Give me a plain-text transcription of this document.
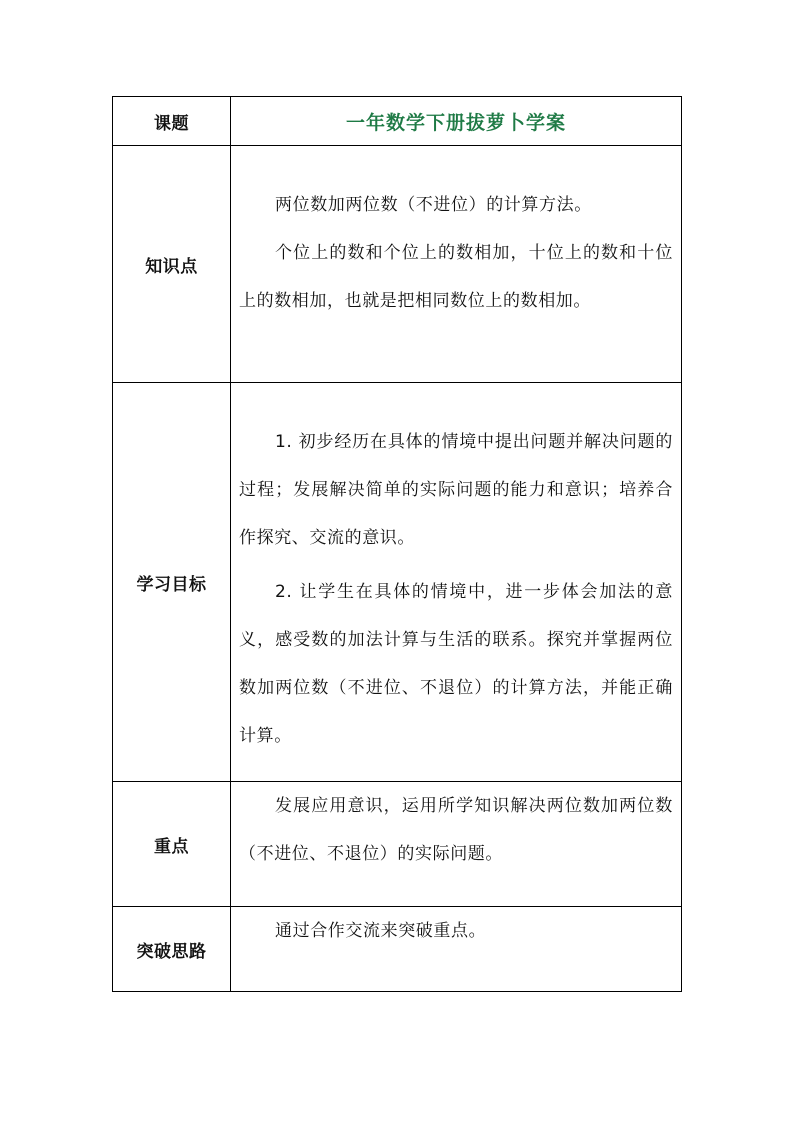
课题	一年数学下册拔萝卜学案
知识点	两位数加两位数（不进位）的计算方法。

个位上的数和个位上的数相加，十位上的数和十位上的数相加，也就是把相同数位上的数相加。

学习目标	1. 初步经历在具体的情境中提出问题并解决问题的过程；发展解决简单的实际问题的能力和意识；培养合作探究、交流的意识。

2. 让学生在具体的情境中，进一步体会加法的意义，感受数的加法计算与生活的联系。探究并掌握两位数加两位数（不进位、不退位）的计算方法，并能正确计算。

重点	发展应用意识，运用所学知识解决两位数加两位数（不进位、不退位）的实际问题。

突破思路	通过合作交流来突破重点。
